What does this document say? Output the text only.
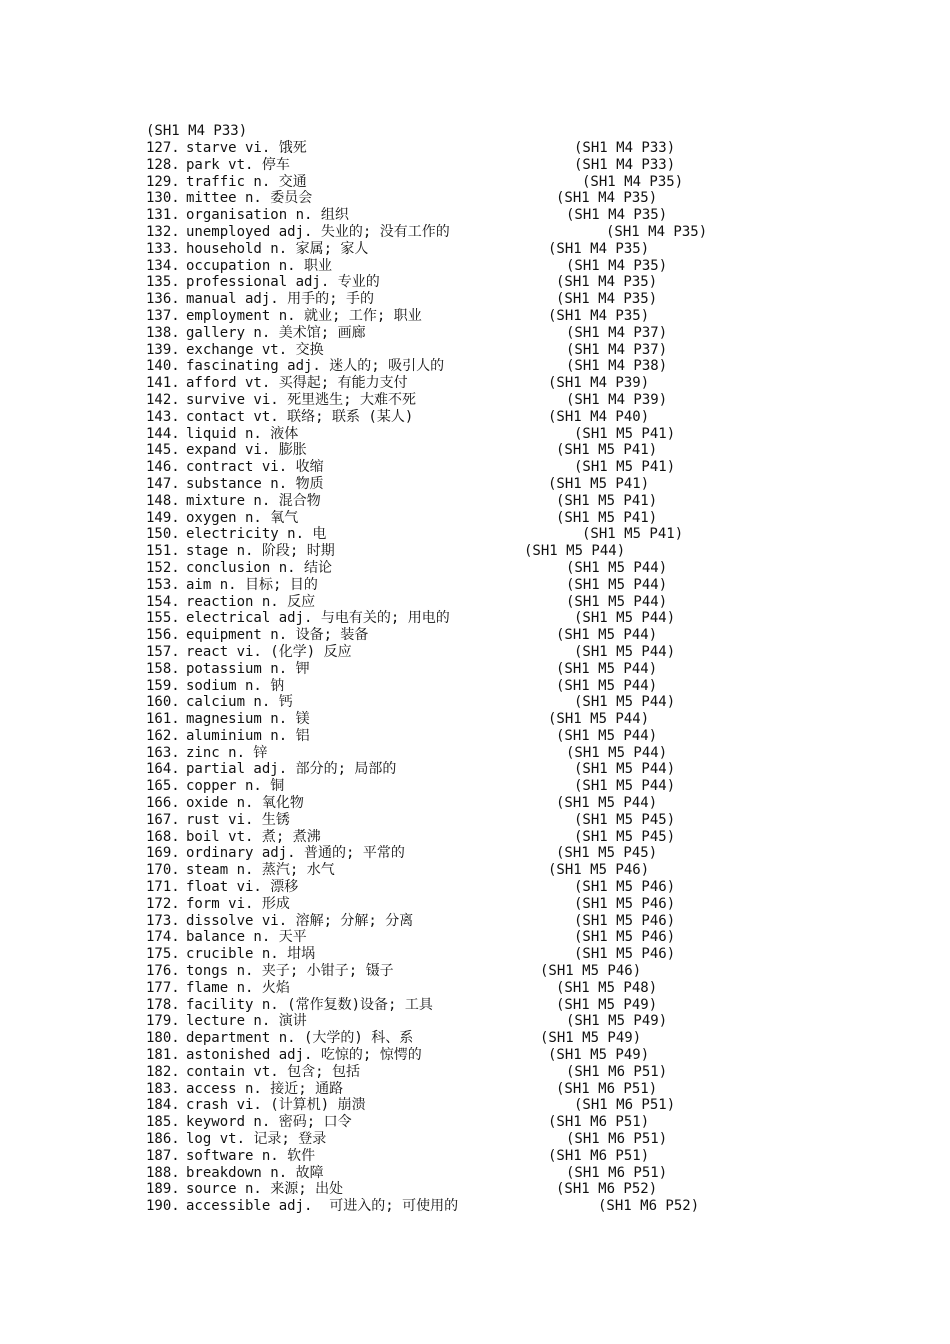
(SH1 M4 P33)
127. starve vi. 饿死	(SH1 M4 P33)
128. park vt. 停车	(SH1 M4 P33)
129. traffic n. 交通	(SH1 M4 P35)
130. mittee n. 委员会	(SH1 M4 P35)
131. organisation n. 组织	(SH1 M4 P35)
132. unemployed adj. 失业的; 没有工作的	(SH1 M4 P35)
133. household n. 家属; 家人	(SH1 M4 P35)
134. occupation n. 职业	(SH1 M4 P35)
135. professional adj. 专业的	(SH1 M4 P35)
136. manual adj. 用手的; 手的	(SH1 M4 P35)
137. employment n. 就业; 工作; 职业	(SH1 M4 P35)
138. gallery n. 美术馆; 画廊	(SH1 M4 P37)
139. exchange vt. 交换	(SH1 M4 P37)
140. fascinating adj. 迷人的; 吸引人的	(SH1 M4 P38)
141. afford vt. 买得起; 有能力支付	(SH1 M4 P39)
142. survive vi. 死里逃生; 大难不死	(SH1 M4 P39)
143. contact vt. 联络; 联系 (某人)	(SH1 M4 P40)
144. liquid n. 液体	(SH1 M5 P41)
145. expand vi. 膨胀	(SH1 M5 P41)
146. contract vi. 收缩	(SH1 M5 P41)
147. substance n. 物质	(SH1 M5 P41)
148. mixture n. 混合物	(SH1 M5 P41)
149. oxygen n. 氧气	(SH1 M5 P41)
150. electricity n. 电	(SH1 M5 P41)
151. stage n. 阶段; 时期	(SH1 M5 P44)
152. conclusion n. 结论	(SH1 M5 P44)
153. aim n. 目标; 目的	(SH1 M5 P44)
154. reaction n. 反应	(SH1 M5 P44)
155. electrical adj. 与电有关的; 用电的	(SH1 M5 P44)
156. equipment n. 设备; 装备	(SH1 M5 P44)
157. react vi. (化学) 反应	(SH1 M5 P44)
158. potassium n. 钾	(SH1 M5 P44)
159. sodium n. 钠	(SH1 M5 P44)
160. calcium n. 钙	(SH1 M5 P44)
161. magnesium n. 镁	(SH1 M5 P44)
162. aluminium n. 铝	(SH1 M5 P44)
163. zinc n. 锌	(SH1 M5 P44)
164. partial adj. 部分的; 局部的	(SH1 M5 P44)
165. copper n. 铜	(SH1 M5 P44)
166. oxide n. 氧化物	(SH1 M5 P44)
167. rust vi. 生锈	(SH1 M5 P45)
168. boil vt. 煮; 煮沸	(SH1 M5 P45)
169. ordinary adj. 普通的; 平常的	(SH1 M5 P45)
170. steam n. 蒸汽; 水气	(SH1 M5 P46)
171. float vi. 漂移	(SH1 M5 P46)
172. form vi. 形成	(SH1 M5 P46)
173. dissolve vi. 溶解; 分解; 分离	(SH1 M5 P46)
174. balance n. 天平	(SH1 M5 P46)
175. crucible n. 坩埚	(SH1 M5 P46)
176. tongs n. 夹子; 小钳子; 镊子	(SH1 M5 P46)
177. flame n. 火焰	(SH1 M5 P48)
178. facility n. (常作复数)设备; 工具	(SH1 M5 P49)
179. lecture n. 演讲	(SH1 M5 P49)
180. department n. (大学的) 科、系	(SH1 M5 P49)
181. astonished adj. 吃惊的; 惊愕的	(SH1 M5 P49)
182. contain vt. 包含; 包括	(SH1 M6 P51)
183. access n. 接近; 通路	(SH1 M6 P51)
184. crash vi. (计算机) 崩溃	(SH1 M6 P51)
185. keyword n. 密码; 口令	(SH1 M6 P51)
186. log vt. 记录; 登录	(SH1 M6 P51)
187. software n. 软件	(SH1 M6 P51)
188. breakdown n. 故障	(SH1 M6 P51)
189. source n. 来源; 出处	(SH1 M6 P52)
190. accessible adj.  可进入的; 可使用的	(SH1 M6 P52)
